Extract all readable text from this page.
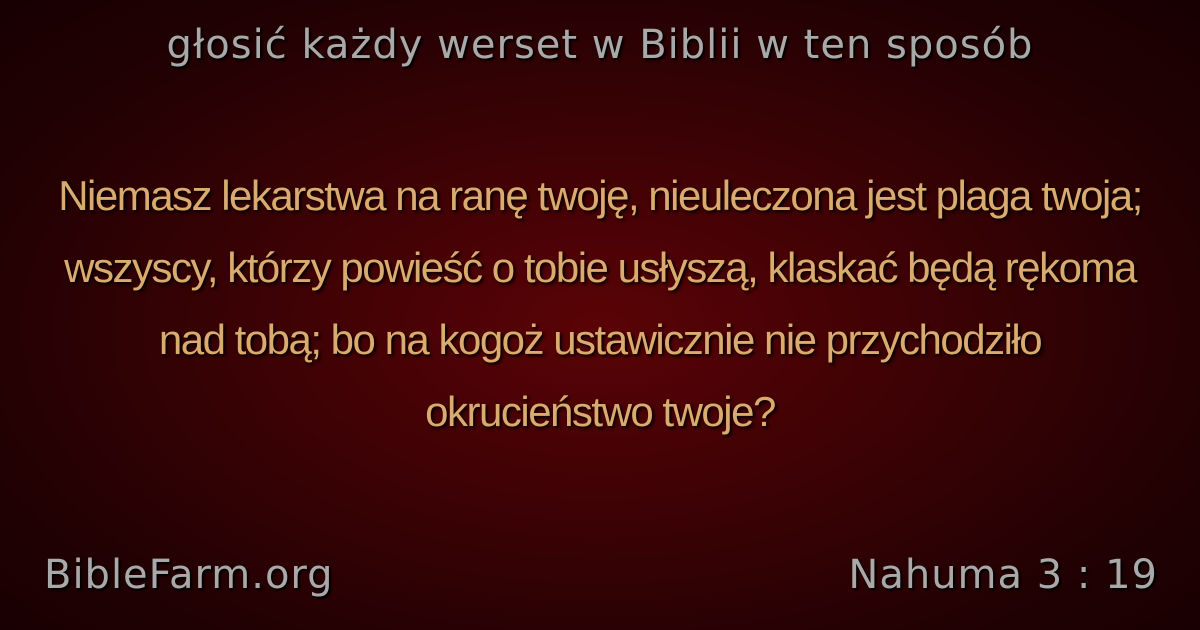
głosić każdy werset w Biblii w ten sposób
Niemasz lekarstwa na ranę twoję, nieuleczona jest plaga twoja; wszyscy, którzy powieść o tobie usłyszą, klaskać będą rękoma nad tobą; bo na kogoż ustawicznie nie przychodziło okrucieństwo twoje?
BibleFarm.org	Nahuma 3 : 19
